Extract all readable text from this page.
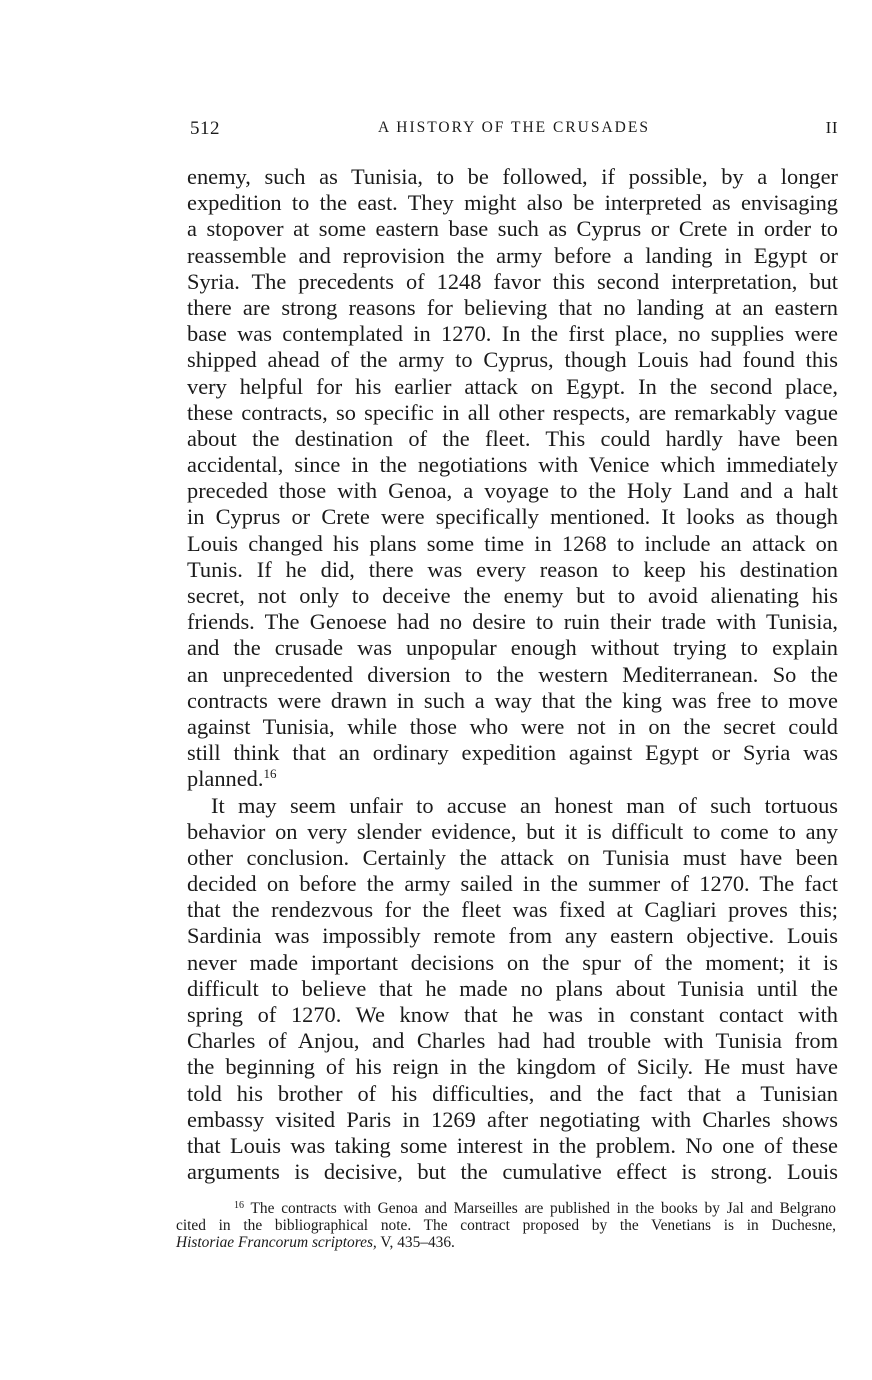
512	A HISTORY OF THE CRUSADES	II
enemy, such as Tunisia, to be followed, if possible, by a longer
expedition to the east. They might also be interpreted as envisaging
a stopover at some eastern base such as Cyprus or Crete in order to
reassemble and reprovision the army before a landing in Egypt or
Syria. The precedents of 1248 favor this second interpretation, but
there are strong reasons for believing that no landing at an eastern
base was contemplated in 1270. In the first place, no supplies were
shipped ahead of the army to Cyprus, though Louis had found this
very helpful for his earlier attack on Egypt. In the second place,
these contracts, so specific in all other respects, are remarkably vague
about the destination of the fleet. This could hardly have been
accidental, since in the negotiations with Venice which immediately
preceded those with Genoa, a voyage to the Holy Land and a halt
in Cyprus or Crete were specifically mentioned. It looks as though
Louis changed his plans some time in 1268 to include an attack on
Tunis. If he did, there was every reason to keep his destination
secret, not only to deceive the enemy but to avoid alienating his
friends. The Genoese had no desire to ruin their trade with Tunisia,
and the crusade was unpopular enough without trying to explain
an unprecedented diversion to the western Mediterranean. So the
contracts were drawn in such a way that the king was free to move
against Tunisia, while those who were not in on the secret could
still think that an ordinary expedition against Egypt or Syria was
planned.$^{16}$
It may seem unfair to accuse an honest man of such tortuous
behavior on very slender evidence, but it is difficult to come to any
other conclusion. Certainly the attack on Tunisia must have been
decided on before the army sailed in the summer of 1270. The fact
that the rendezvous for the fleet was fixed at Cagliari proves this;
Sardinia was impossibly remote from any eastern objective. Louis
never made important decisions on the spur of the moment; it is
difficult to believe that he made no plans about Tunisia until the
spring of 1270. We know that he was in constant contact with
Charles of Anjou, and Charles had had trouble with Tunisia from
the beginning of his reign in the kingdom of Sicily. He must have
told his brother of his difficulties, and the fact that a Tunisian
embassy visited Paris in 1269 after negotiating with Charles shows
that Louis was taking some interest in the problem. No one of these
arguments is decisive, but the cumulative effect is strong. Louis
$^{16}$ The contracts with Genoa and Marseilles are published in the books by Jal and Belgrano
cited in the bibliographical note. The contract proposed by the Venetians is in Duchesne,
Historiae Francorum scriptores, V, 435–436.
